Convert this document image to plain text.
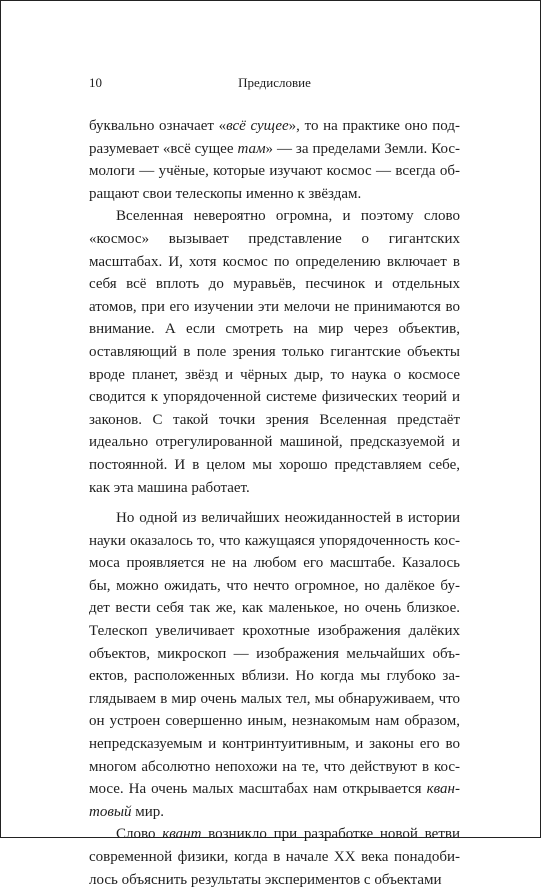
10	Предисловие

буквально означает «всё сущее», то на практике оно подразумевает «всё сущее там» — за пределами Земли. Космологи — учёные, которые изучают космос — всегда обращают свои телескопы именно к звёздам.

Вселенная невероятно огромна, и поэтому слово «космос» вызывает представление о гигантских масштабах. И, хотя космос по определению включает в себя всё вплоть до муравьёв, песчинок и отдельных атомов, при его изучении эти мелочи не принимаются во внимание. А если смотреть на мир через объектив, оставляющий в поле зрения только гигантские объекты вроде планет, звёзд и чёрных дыр, то наука о космосе сводится к упорядоченной системе физических теорий и законов. С такой точки зрения Вселенная предстаёт идеально отрегулированной машиной, предсказуемой и постоянной. И в целом мы хорошо представляем себе, как эта машина работает.

Но одной из величайших неожиданностей в истории науки оказалось то, что кажущаяся упорядоченность космоса проявляется не на любом его масштабе. Казалось бы, можно ожидать, что нечто огромное, но далёкое будет вести себя так же, как маленькое, но очень близкое. Телескоп увеличивает крохотные изображения далёких объектов, микроскоп — изображения мельчайших объектов, расположенных вблизи. Но когда мы глубоко заглядываем в мир очень малых тел, мы обнаруживаем, что он устроен совершенно иным, незнакомым нам образом, непредсказуемым и контринтуитивным, и законы его во многом абсолютно непохожи на те, что действуют в космосе. На очень малых масштабах нам открывается квантовый мир.

Слово квант возникло при разработке новой ветви современной физики, когда в начале XX века понадобилось объяснить результаты экспериментов с объектами
